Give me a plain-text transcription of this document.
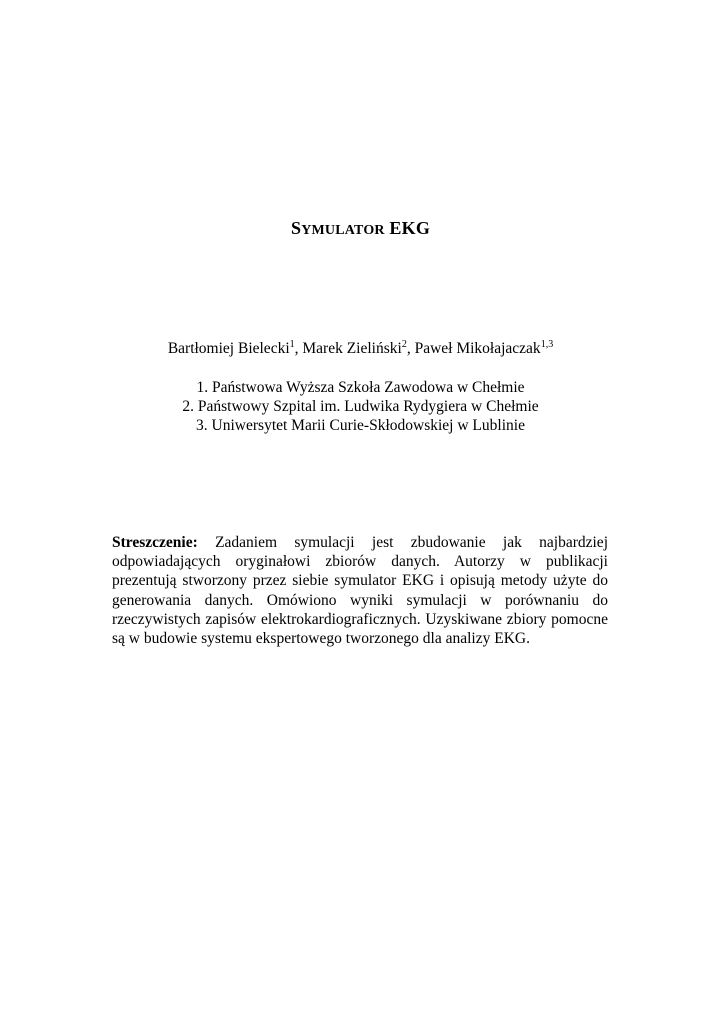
SYMULATOR EKG
Bartłomiej Bielecki$^1$, Marek Zieliński$^2$, Paweł Mikołajaczak$^{1,3}$
1. Państwowa Wyższa Szkoła Zawodowa w Chełmie
2. Państwowy Szpital im. Ludwika Rydygiera w Chełmie
3. Uniwersytet Marii Curie-Skłodowskiej w Lublinie
Streszczenie: Zadaniem symulacji jest zbudowanie jak najbardziej odpowiadających oryginałowi zbiorów danych. Autorzy w publikacji prezentują stworzony przez siebie symulator EKG i opisują metody użyte do generowania danych. Omówiono wyniki symulacji w porównaniu do rzeczywistych zapisów elektrokardiograficznych. Uzyskiwane zbiory pomocne są w budowie systemu ekspertowego tworzonego dla analizy EKG.
